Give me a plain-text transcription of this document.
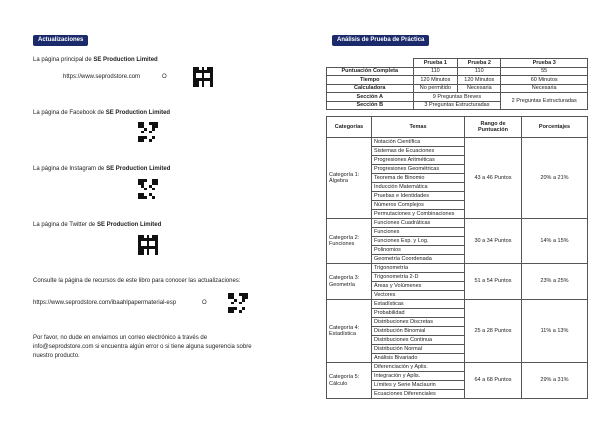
Actualizaciones
La página principal de SE Production Limited
https://www.seprodstore.com	O
La página de Facebook de SE Production Limited
La página de Instagram de SE Production Limited
La página de Twitter de SE Production Limited
Consulte la página de recursos de este libro para conocer las actualizaciones:
https://www.seprodstore.com/ibaahlpapermaterial-esp	O
Por favor, no dude en enviarnos un correo electrónico a través de
info@seprodstore.com si encuentra algún error o si tiene alguna sugerencia sobre
nuestro producto.
Análisis de Prueba de Práctica
	Prueba 1	Prueba 2	Prueba 3
Puntuación Completa	110	110	55
Tiempo	120 Minutos	120 Minutos	60 Minutos
Calculadora	No permitido	Necesaria	Necesaria
Sección A	9 Preguntas Breves		2 Preguntas Estructuradas
Sección B	3 Preguntas Estructuradas		
Categorías	Temas	Rango de Puntuación	Porcentajes
Categoría 1: Álgebra	Notación Científica	43 a 46 Puntos	20% a 21%
	Sistemas de Ecuaciones		
	Progresiones Aritméticas		
	Progresiones Geométricas		
	Teorema de Binomio		
	Inducción Matemática		
	Pruebas e Identidades		
	Números Complejos		
	Permutaciones y Combinaciones		
Categoría 2: Funciones	Funciones Cuadráticas	30 a 34 Puntos	14% a 15%
	Funciones		
	Funciones Exp. y Log.		
	Polinomios		
	Geometría Coordenada		
Categoría 3: Geometría	Trigonometría	51 a 54 Puntos	23% a 25%
	Trigonometría 2-D		
	Áreas y Volúmenes		
	Vectores		
Categoría 4: Estadística	Estadísticas	25 a 28 Puntos	11% a 13%
	Probabilidad		
	Distribuciones Discretas		
	Distribución Binomial		
	Distribuciones Continua		
	Distribución Normal		
	Análisis Bivariado		
Categoría 5: Cálculo	Diferenciación y Aplis.	64 a 68 Puntos	29% a 31%
	Integración y Aplis.		
	Límites y Serie Maclaurin		
	Ecuaciones Diferenciales		
